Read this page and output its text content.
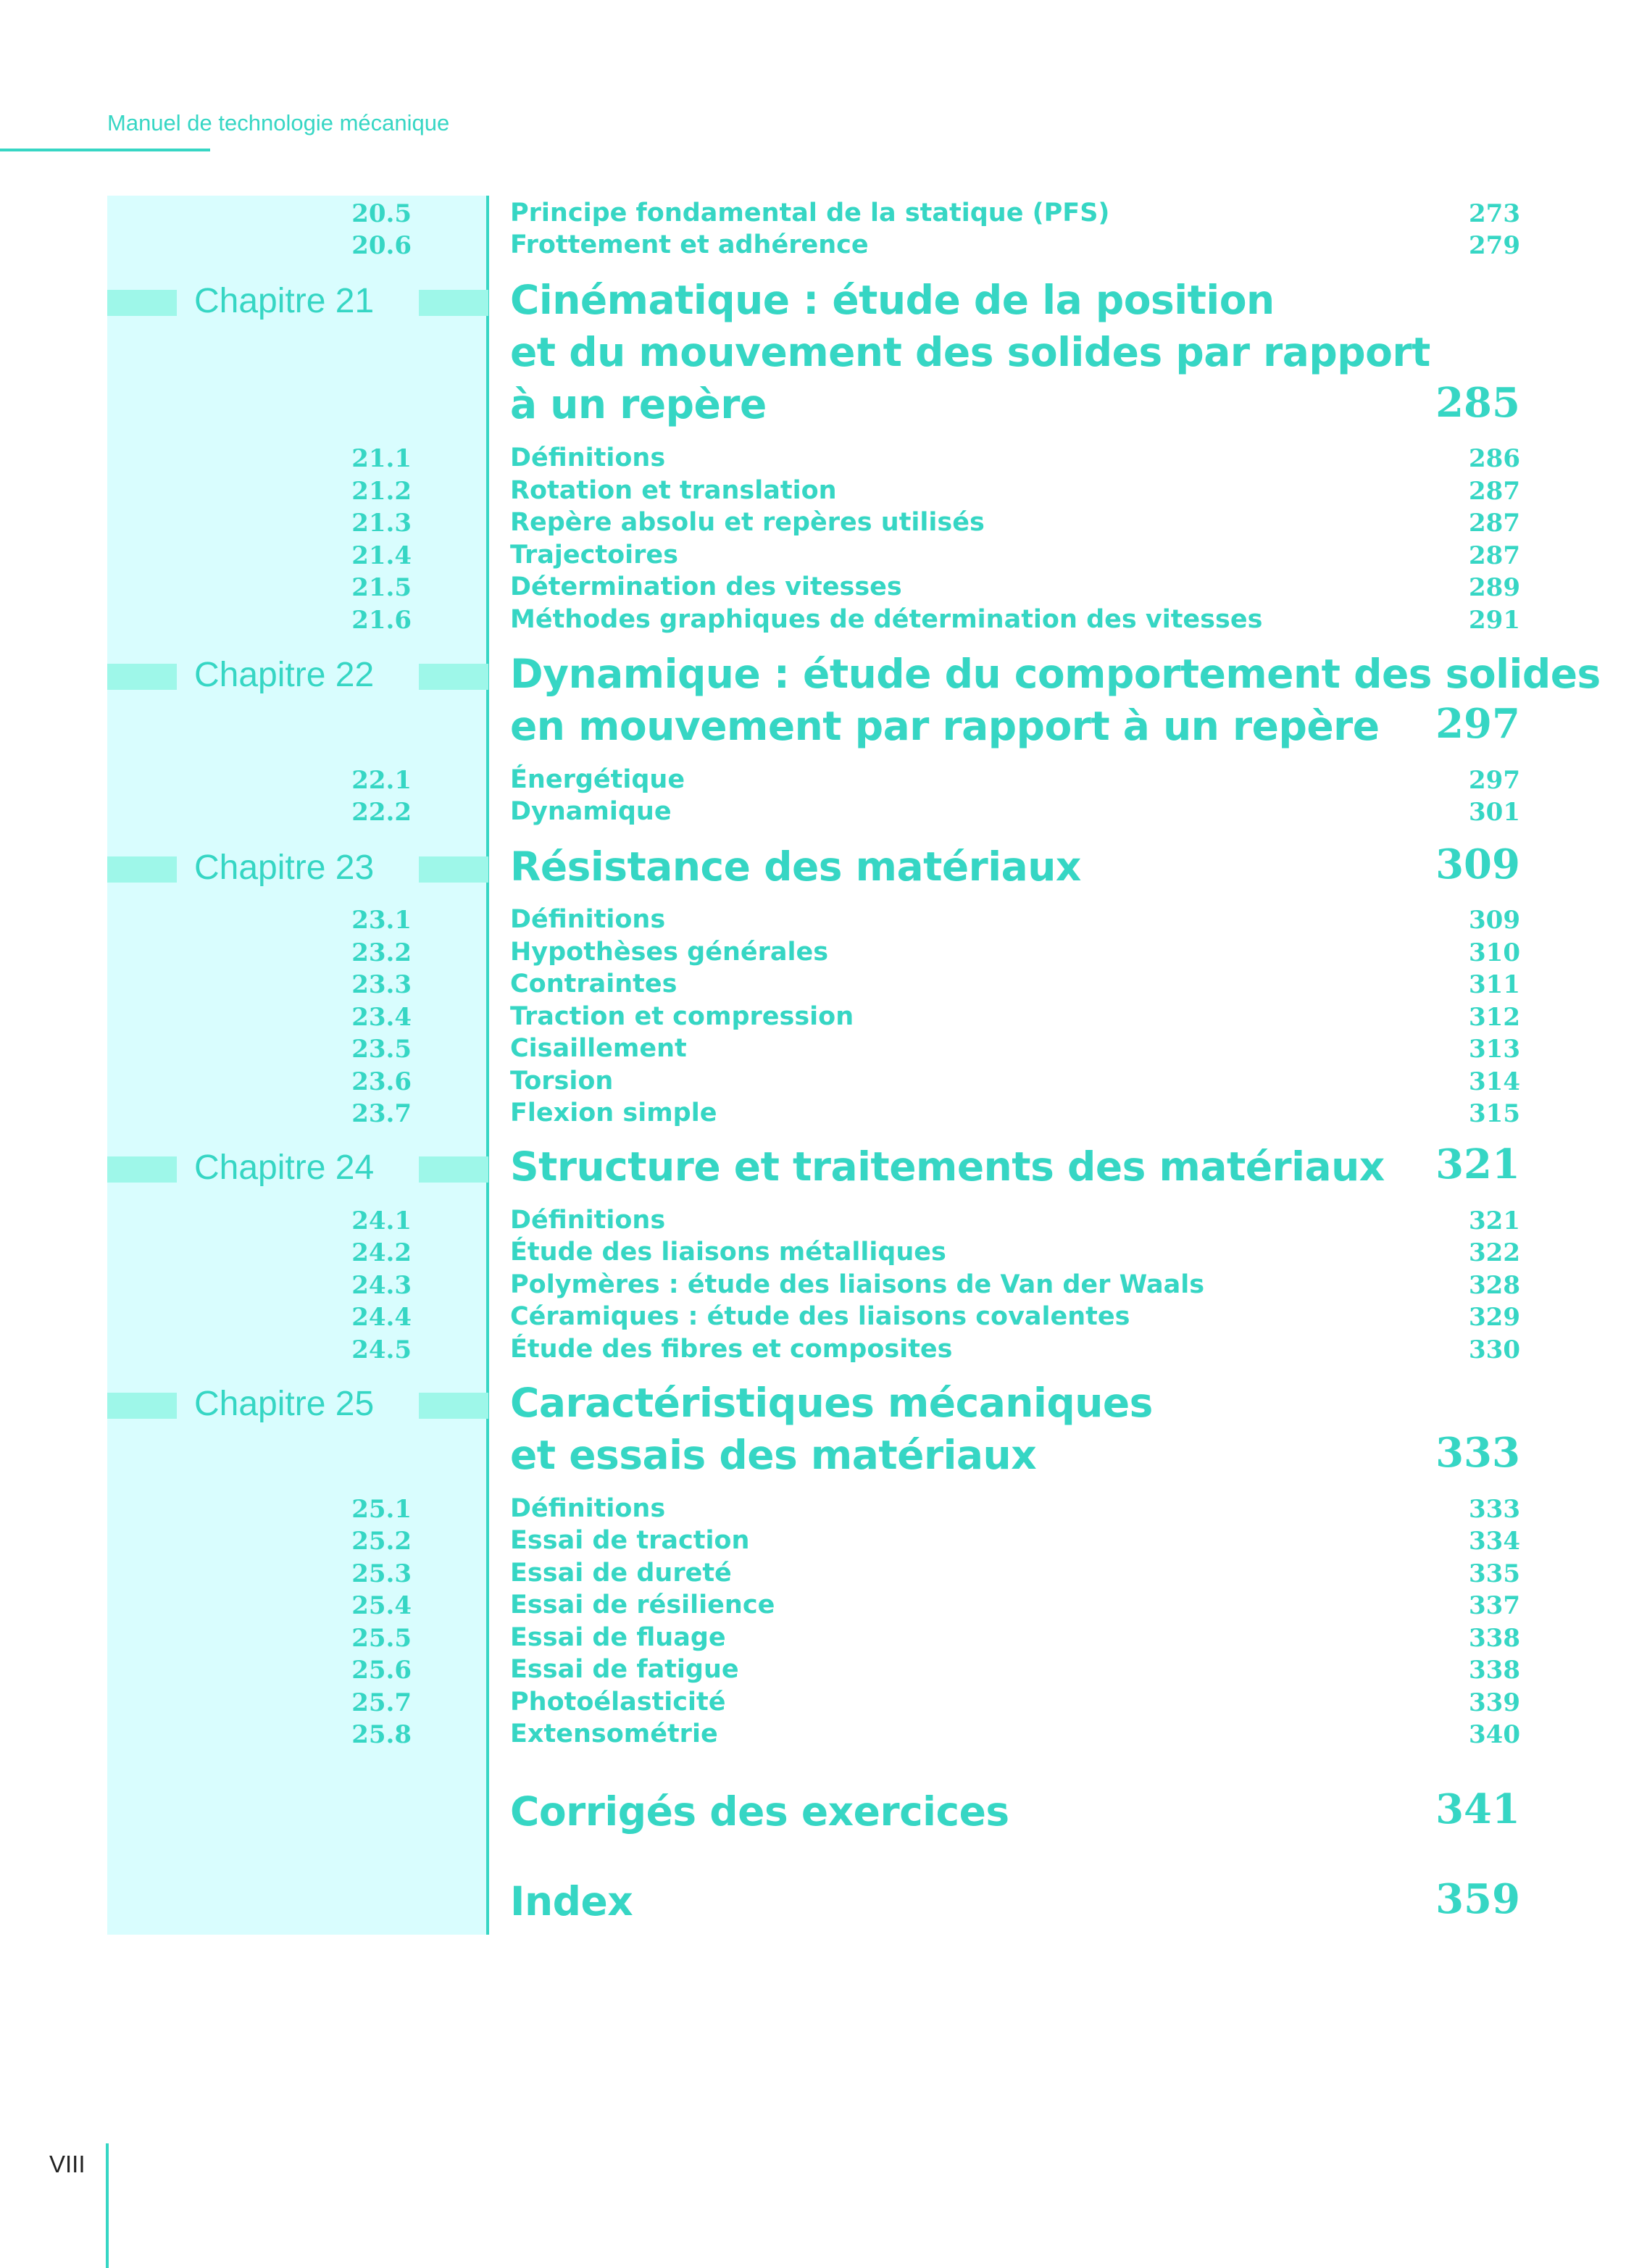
Manuel de technologie mécanique
20.5	Principe fondamental de la statique (PFS)	273
20.6	Frottement et adhérence	279
Chapitre 21	Cinématique : étude de la position
et du mouvement des solides par rapport
à un repère	285
21.1	Définitions	286
21.2	Rotation et translation	287
21.3	Repère absolu et repères utilisés	287
21.4	Trajectoires	287
21.5	Détermination des vitesses	289
21.6	Méthodes graphiques de détermination des vitesses	291
Chapitre 22	Dynamique : étude du comportement des solides
en mouvement par rapport à un repère	297
22.1	Énergétique	297
22.2	Dynamique	301
Chapitre 23	Résistance des matériaux	309
23.1	Définitions	309
23.2	Hypothèses générales	310
23.3	Contraintes	311
23.4	Traction et compression	312
23.5	Cisaillement	313
23.6	Torsion	314
23.7	Flexion simple	315
Chapitre 24	Structure et traitements des matériaux 321
24.1	Définitions	321
24.2	Étude des liaisons métalliques	322
24.3	Polymères : étude des liaisons de Van der Waals	328
24.4	Céramiques : étude des liaisons covalentes	329
24.5	Étude des fibres et composites	330
Chapitre 25	Caractéristiques mécaniques
et essais des matériaux	333
25.1	Définitions	333
25.2	Essai de traction	334
25.3	Essai de dureté	335
25.4	Essai de résilience	337
25.5	Essai de fluage	338
25.6	Essai de fatigue	338
25.7	Photoélasticité	339
25.8	Extensométrie	340
Corrigés des exercices	341
Index	359
VIII
